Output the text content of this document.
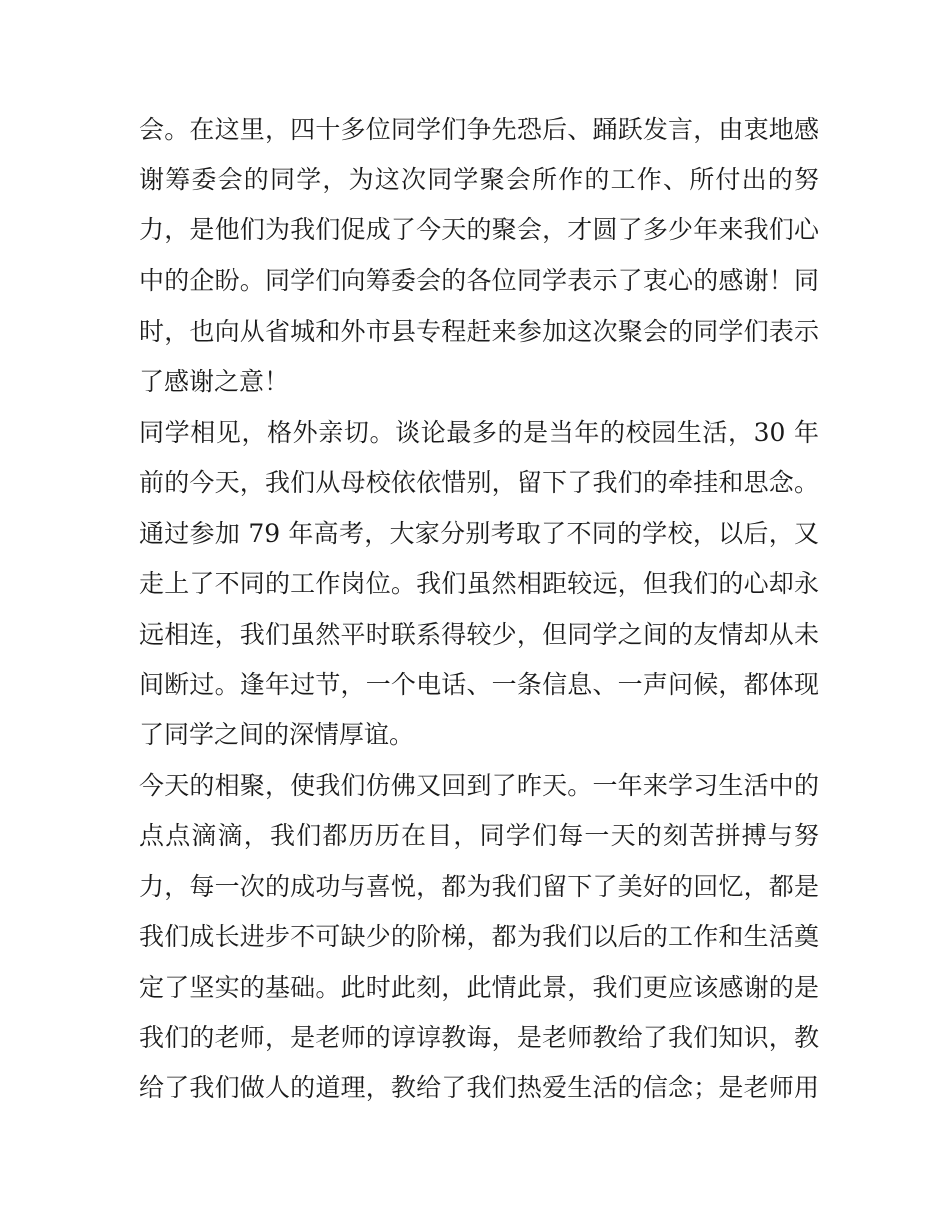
会。在这里，四十多位同学们争先恐后、踊跃发言，由衷地感
谢筹委会的同学，为这次同学聚会所作的工作、所付出的努
力，是他们为我们促成了今天的聚会，才圆了多少年来我们心
中的企盼。同学们向筹委会的各位同学表示了衷心的感谢！同
时，也向从省城和外市县专程赶来参加这次聚会的同学们表示
了感谢之意！
同学相见，格外亲切。谈论最多的是当年的校园生活，30 年
前的今天，我们从母校依依惜别，留下了我们的牵挂和思念。
通过参加 79 年高考，大家分别考取了不同的学校，以后，又
走上了不同的工作岗位。我们虽然相距较远，但我们的心却永
远相连，我们虽然平时联系得较少，但同学之间的友情却从未
间断过。逢年过节，一个电话、一条信息、一声问候，都体现
了同学之间的深情厚谊。
今天的相聚，使我们仿佛又回到了昨天。一年来学习生活中的
点点滴滴，我们都历历在目，同学们每一天的刻苦拼搏与努
力，每一次的成功与喜悦，都为我们留下了美好的回忆，都是
我们成长进步不可缺少的阶梯，都为我们以后的工作和生活奠
定了坚实的基础。此时此刻，此情此景，我们更应该感谢的是
我们的老师，是老师的谆谆教诲，是老师教给了我们知识，教
给了我们做人的道理，教给了我们热爱生活的信念；是老师用
